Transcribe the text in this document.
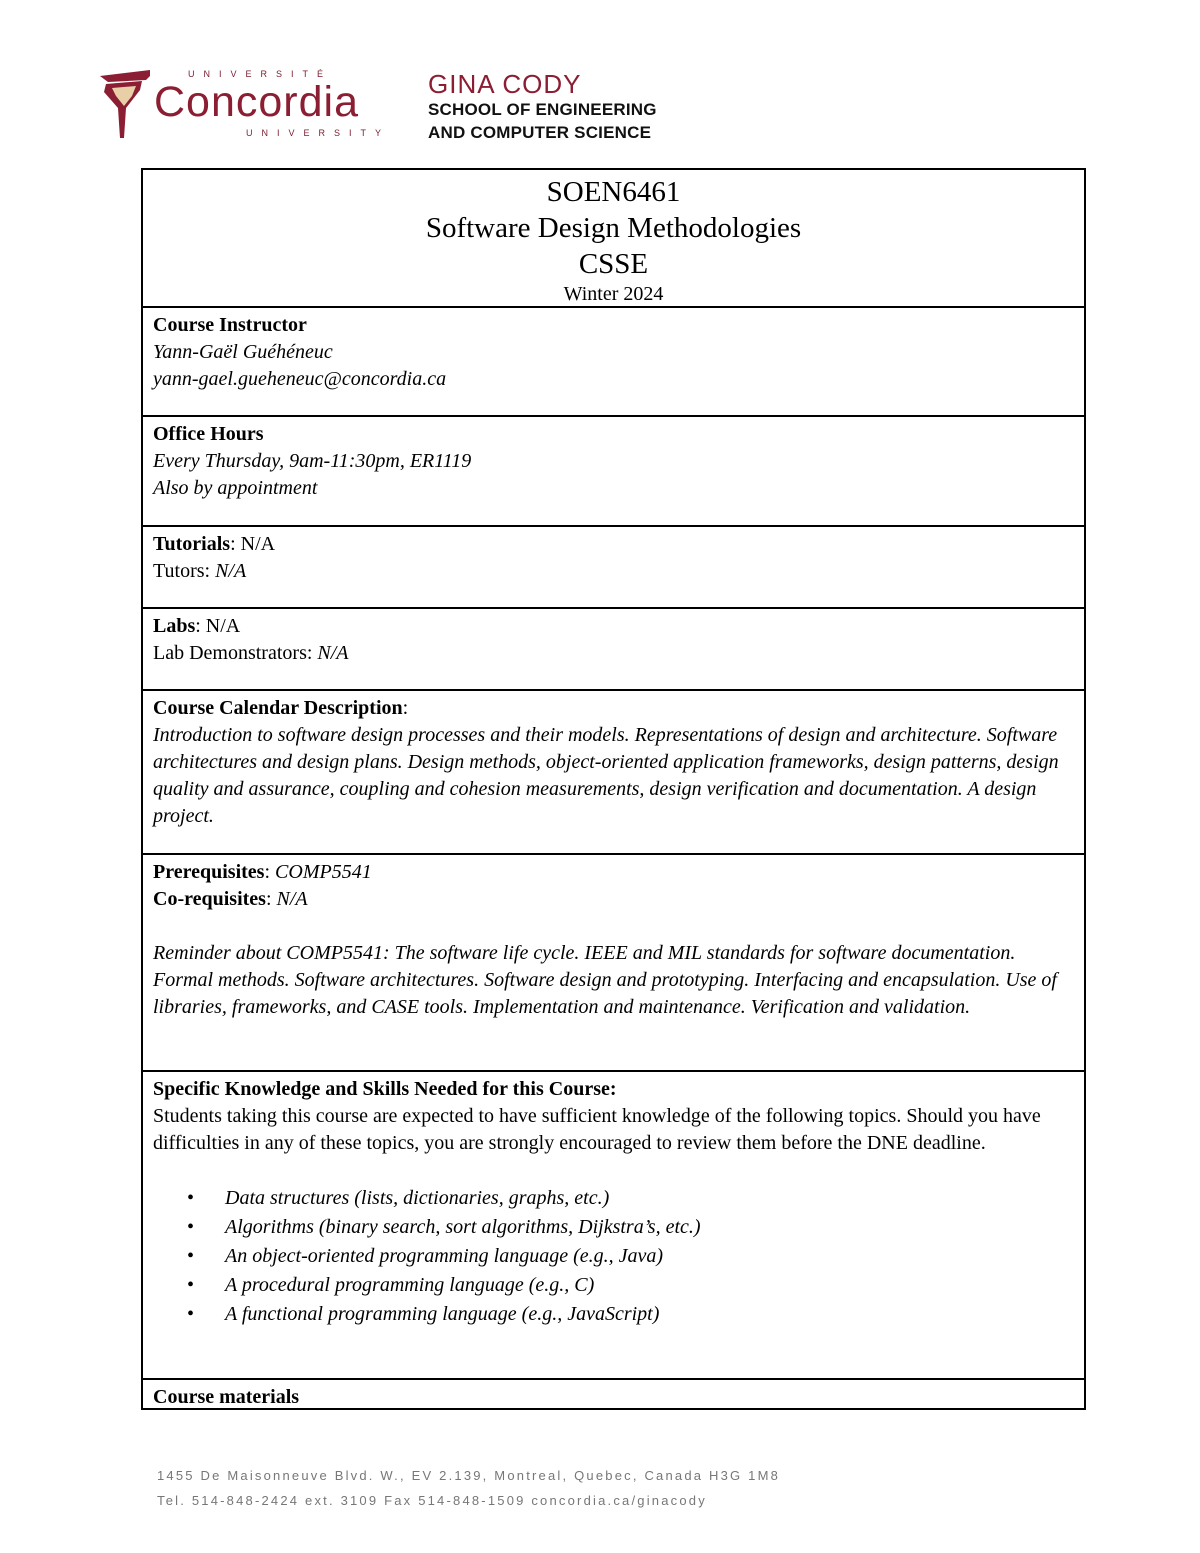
UNIVERSITÉ
Concordia
UNIVERSITY
GINA CODY
SCHOOL OF ENGINEERING
AND COMPUTER SCIENCE
SOEN6461
Software Design Methodologies
CSSE
Winter 2024
Course Instructor
Yann-Gaël Guéhéneuc
yann-gael.gueheneuc@concordia.ca
Office Hours
Every Thursday, 9am-11:30pm, ER1119
Also by appointment
Tutorials: N/A
Tutors: N/A
Labs: N/A
Lab Demonstrators: N/A
Course Calendar Description:
Introduction to software design processes and their models. Representations of design and architecture. Software architectures and design plans. Design methods, object-oriented application frameworks, design patterns, design quality and assurance, coupling and cohesion measurements, design verification and documentation. A design project.
Prerequisites: COMP5541
Co-requisites: N/A
Reminder about COMP5541: The software life cycle. IEEE and MIL standards for software documentation. Formal methods. Software architectures. Software design and prototyping. Interfacing and encapsulation. Use of libraries, frameworks, and CASE tools. Implementation and maintenance. Verification and validation.
Specific Knowledge and Skills Needed for this Course:
Students taking this course are expected to have sufficient knowledge of the following topics. Should you have difficulties in any of these topics, you are strongly encouraged to review them before the DNE deadline.
• Data structures (lists, dictionaries, graphs, etc.)
• Algorithms (binary search, sort algorithms, Dijkstra’s, etc.)
• An object-oriented programming language (e.g., Java)
• A procedural programming language (e.g., C)
• A functional programming language (e.g., JavaScript)
Course materials
1455 De Maisonneuve Blvd. W., EV 2.139, Montreal, Quebec, Canada H3G 1M8
Tel. 514-848-2424 ext. 3109 Fax 514-848-1509 concordia.ca/ginacody
